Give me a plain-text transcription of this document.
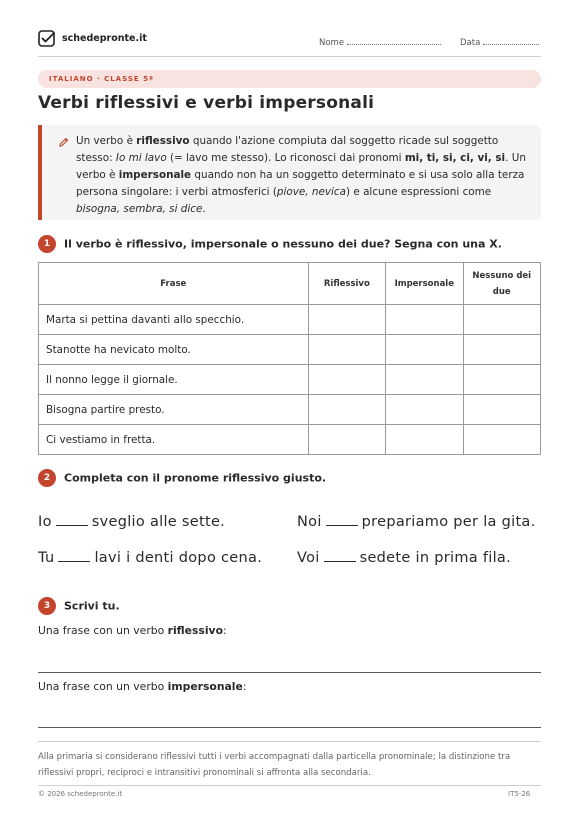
schedepronte.it	Nome	Data
ITALIANO · CLASSE 5ª
Verbi riflessivi e verbi impersonali
Un verbo è riflessivo quando l'azione compiuta dal soggetto ricade sul soggetto stesso: Io mi lavo (= lavo me stesso). Lo riconosci dai pronomi mi, ti, si, ci, vi, si. Un verbo è impersonale quando non ha un soggetto determinato e si usa solo alla terza persona singolare: i verbi atmosferici (piove, nevica) e alcune espressioni come bisogna, sembra, si dice.
1 Il verbo è riflessivo, impersonale o nessuno dei due? Segna con una X.
Frase	Riflessivo	Impersonale	Nessuno dei due
Marta si pettina davanti allo specchio.			
Stanotte ha nevicato molto.			
Il nonno legge il giornale.			
Bisogna partire presto.			
Ci vestiamo in fretta.			
2 Completa con il pronome riflessivo giusto.
Io	sveglio alle sette.	Noi	prepariamo per la gita.
Tu	lavi i denti dopo cena. Voi	sedete in prima fila.
3 Scrivi tu.
Una frase con un verbo riflessivo:
Una frase con un verbo impersonale:
Alla primaria si considerano riflessivi tutti i verbi accompagnati dalla particella pronominale; la distinzione tra riflessivi propri, reciproci e intransitivi pronominali si affronta alla secondaria.
© 2026 schedepronte.it	IT5-26
